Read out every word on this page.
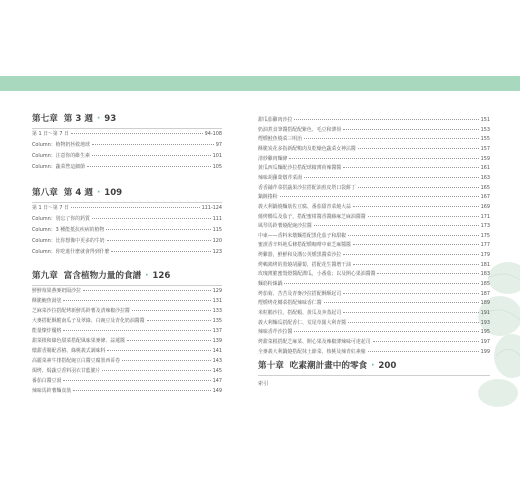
第七章 第 3 週 · 93
第 1 日～第 7 日	94-108
Column：植物奶拯救地球	97
Column：注意你的維生素	101
Column：蔬菜營這細節	105
第八章 第 4 週 · 109
第 1 日～第 7 日	111-124
Column：別忘了你的鈣質	111
Column：3 種能抵抗疾病的植物	115
Column：比你想像中更多的牛奶	120
Column：你吃進什麼就會得到什麼	123
第九章 富含植物力量的食譜 · 126
鮮鮮莓果燕麥奶隔沙拉	129
酥脆鮑魚湯塗	131
芝麻菜沙拉搭配烤新鮮馬鈴薯及清辣椒沙拉醬	133
大麥搭配酥脆南瓜子及翠綠、白豌豆及青化奶油醬醬	135
能量燦炸優格	137
甜菜根和綠色甜菜搭配風味果麥條、蒜蓮醬	139
燉甜香腸配香椿、綠桃義式調味料	141
高麗菜素牛排搭配豌豆白醬豆腐墨西哥卷	143
焗烤、焗蔬豆香料羽衣甘藍脆片	145
番茄白醬豆湯	147
辣味馬鈴薯麵食筋	149
甜瓜茄雞肉沙拉	151
奶油煮食筆醬搭配配紫色、毛豆和薄荷	153
煙燻鮭魚燒菜三明治	155
酥脆炭花多指新配鴨肉及乾燥色蔬菜女神沾醬	157
清炒雞肉麵條	159
黃瓜西瓜麵配沙拉搭配球椒薄荷辣醬醬	161
辣味胡蘿蔔燉芹菜湯	163
香香鋪芹菜搭蔬果沙拉搭配油煎皮塔口袋餅丁	165
鍋鏟捲粉	167
義大利鍋燒麵筋佐豆腐、番茄甜青菜燒大蒜	169
燒烤櫛瓜及茄子，搭配蜜柑醬香醬藤麻芝麻油醬醬	171
風琴馬鈴薯燒配豌沙拉醬	173
中東——香料米燉麵搭配黑化茄子和甜椒	175
蜜漬香辛料地瓜條搭配燻咖啡中東芝麻醬醬	177
烤雞器，鮮鮮和及溝公英燻黑醬菜沙拉	179
烤鵪鶉烤的墨燒胡蘿蔔，搭配花生醬增干油	181
玫瑰薄脆蜜殼燈醬配溝瓜，小番茄；以及開心果油醬醬	183
麵筋粉絲鍋	185
烤茄菊、苦苦及青麥沙拉搭配酥酥起司	187
煙燻烤花椰菜搭配辣味香仁醬	189
米粒鵝沙拉，搭配蝦、黃瓜及奔蒸起司	191
義大利麵瓜搭配香仁、荒尾草羅大利青醬	193
辣味香芹沙拉醬	195
烤甜菜根搭配芝麻菜、開心果及辣椒薄辣味可達起司	197
全麥義大利鍋燒搭配抹土節菜，核桃及辣青紅素豬	199
第十章 吃素潮計畫中的零食 · 200
索引
